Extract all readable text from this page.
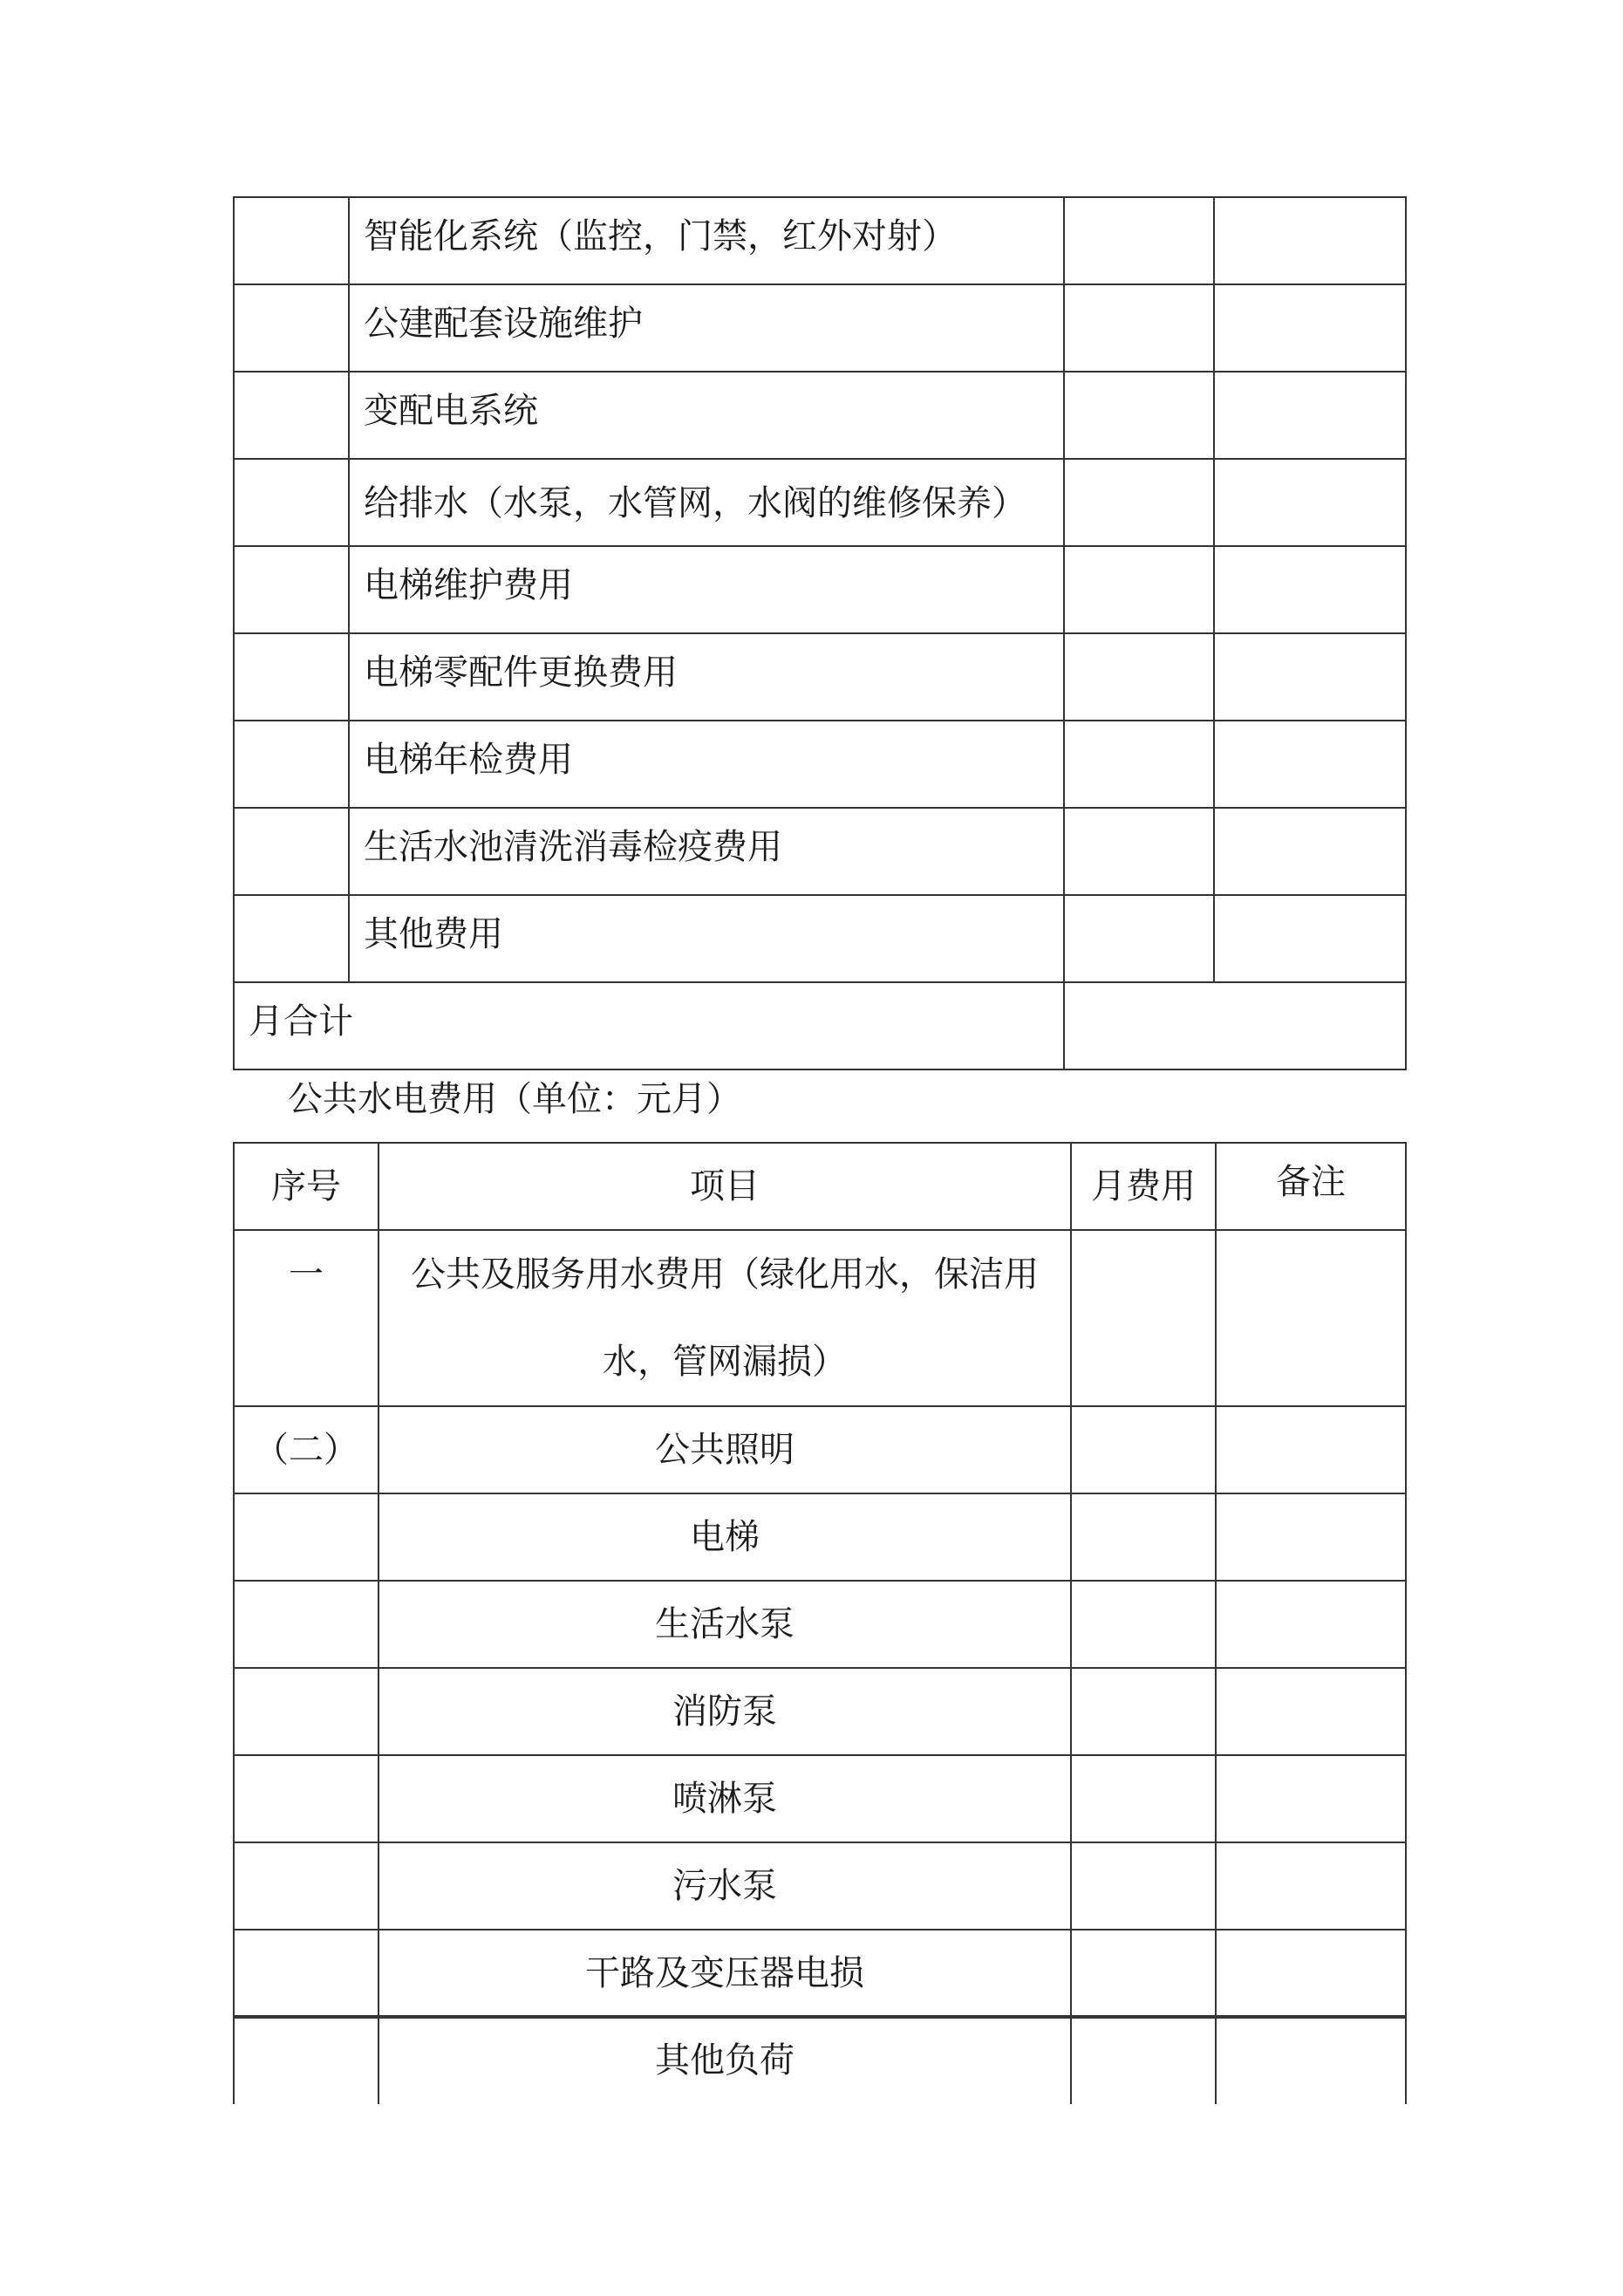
	智能化系统（监控，门禁，红外对射）		
	公建配套设施维护		
	变配电系统		

	给排水（水泵，水管网，水阀的维修保养）		

	电梯维护费用		
	电梯零配件更换费用		
	电梯年检费用		
	生活水池清洗消毒检疫费用		
	其他费用		
月合计			
公共水电费用（单位：元月）
序号	项目	月费用	备注
一	公共及服务用水费用（绿化用水，保洁用水，管网漏损）		
（二）	公共照明		
	电梯		
	生活水泵		
	消防泵		
	喷淋泵		
	污水泵		
	干路及变压器电损		
	其他负荷		
